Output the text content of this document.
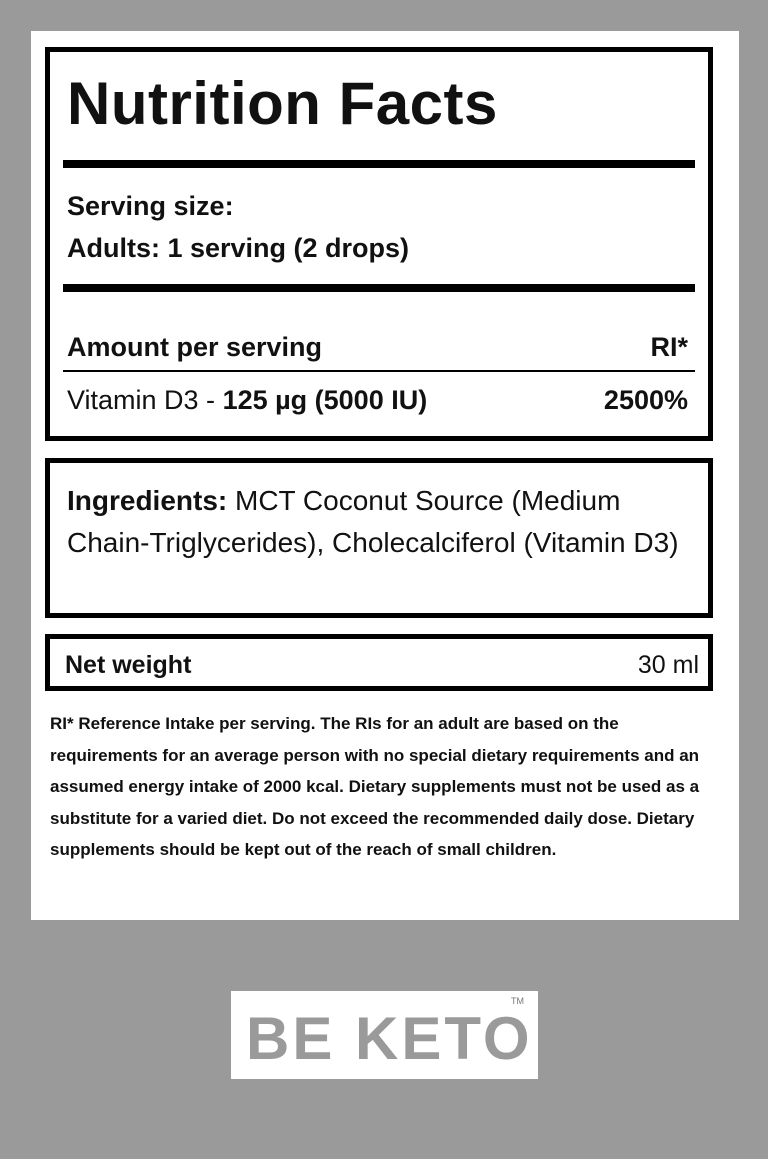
Nutrition Facts
Serving size:
Adults: 1 serving (2 drops)
Amount per serving	RI*
Vitamin D3 - 125 µg (5000 IU)	2500%
Ingredients: MCT Coconut Source (Medium Chain-Triglycerides), Cholecalciferol (Vitamin D3)
Net weight	30 ml
RI* Reference Intake per serving. The RIs for an adult are based on the requirements for an average person with no special dietary requirements and an assumed energy intake of 2000 kcal. Dietary supplements must not be used as a substitute for a varied diet. Do not exceed the recommended daily dose. Dietary supplements should be kept out of the reach of small children.
BE KETO
TM
